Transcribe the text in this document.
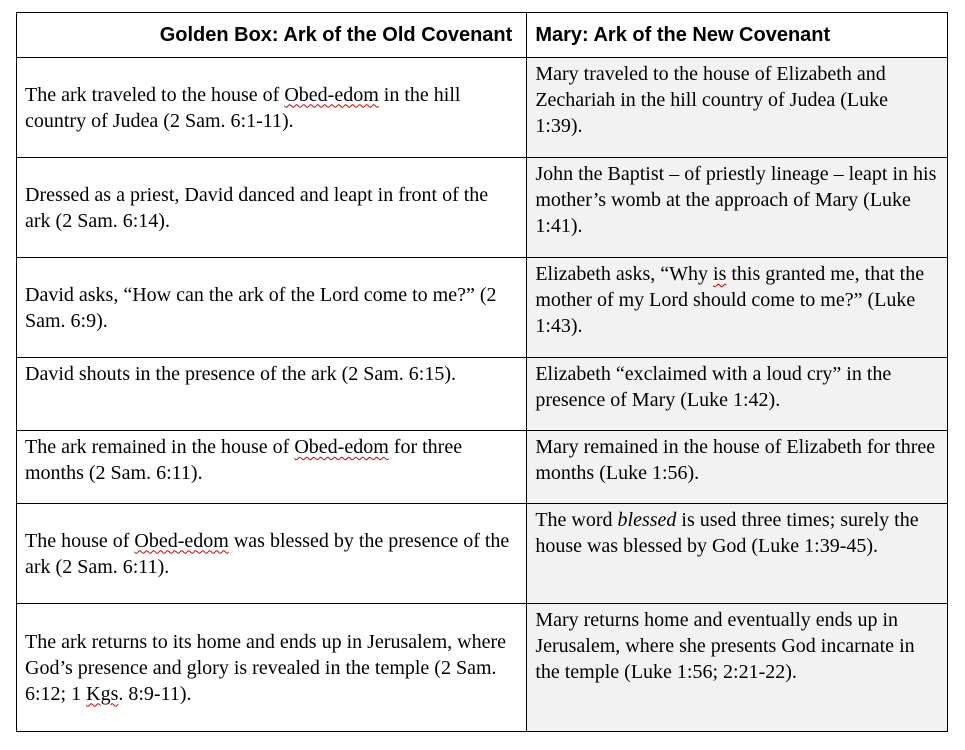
Golden Box: Ark of the Old Covenant	Mary: Ark of the New Covenant
The ark traveled to the house of Obed-edom in the hill country of Judea (2 Sam. 6:1-11).	Mary traveled to the house of Elizabeth and Zechariah in the hill country of Judea (Luke 1:39).
Dressed as a priest, David danced and leapt in front of the ark (2 Sam. 6:14).	John the Baptist – of priestly lineage – leapt in his mother’s womb at the approach of Mary (Luke 1:41).
David asks, “How can the ark of the Lord come to me?” (2 Sam. 6:9).	Elizabeth asks, “Why is this granted me, that the mother of my Lord should come to me?” (Luke 1:43).
David shouts in the presence of the ark (2 Sam. 6:15).	Elizabeth “exclaimed with a loud cry” in the presence of Mary (Luke 1:42).
The ark remained in the house of Obed-edom for three months (2 Sam. 6:11).	Mary remained in the house of Elizabeth for three months (Luke 1:56).
The house of Obed-edom was blessed by the presence of the ark (2 Sam. 6:11).	The word blessed is used three times; surely the house was blessed by God (Luke 1:39-45).
The ark returns to its home and ends up in Jerusalem, where God’s presence and glory is revealed in the temple (2 Sam. 6:12; 1 Kgs. 8:9-11).	Mary returns home and eventually ends up in Jerusalem, where she presents God incarnate in the temple (Luke 1:56; 2:21-22).
